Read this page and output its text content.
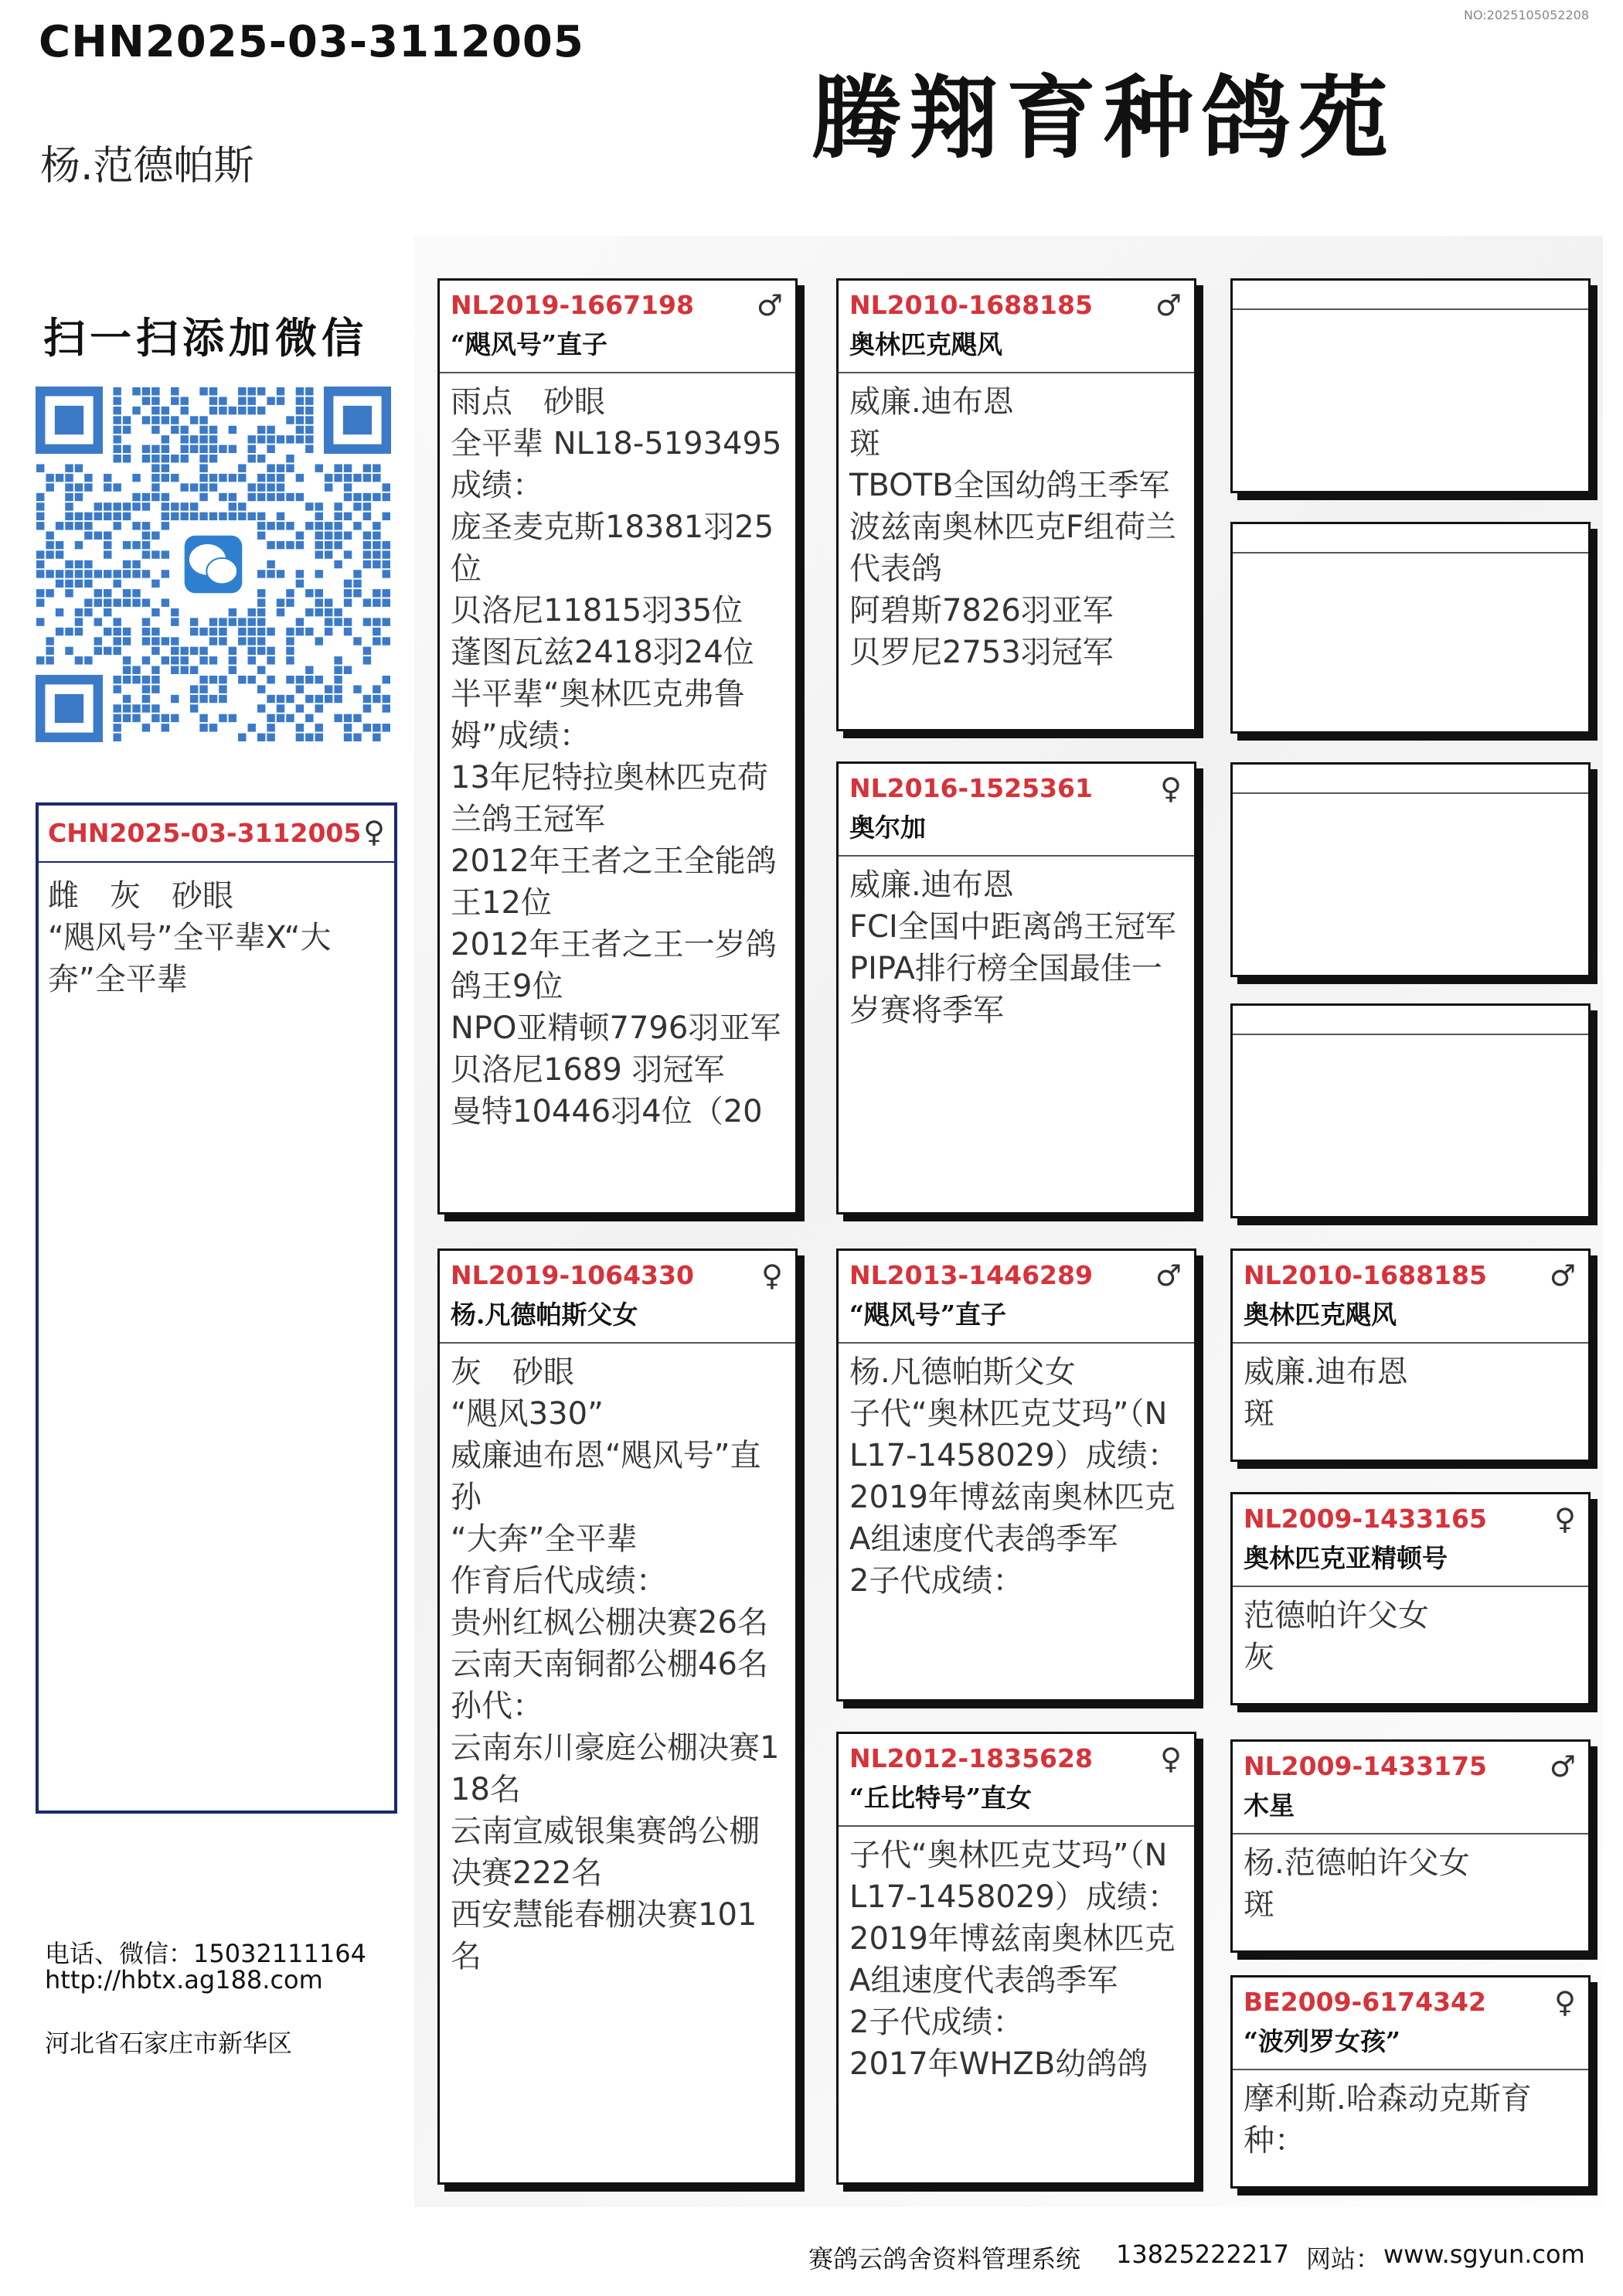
NO:2025105052208
CHN2025-03-3112005
杨.范德帕斯	腾翔育种鸽苑
扫一扫添加微信
CHN2025-03-3112005 ♀
雌　灰　砂眼
“飓风号”全平辈X“大奔”全平辈
电话、微信：15032111164
http://hbtx.ag188.com
河北省石家庄市新华区
NL2019-1667198
“飓风号”直子
♂
雨点　砂眼
全平辈 NL18-5193495 成绩：
庞圣麦克斯18381羽25位
贝洛尼11815羽35位
蓬图瓦兹2418羽24位
半平辈“奥林匹克弗鲁姆”成绩：
13年尼特拉奥林匹克荷兰鸽王冠军
2012年王者之王全能鸽王12位
2012年王者之王一岁鸽鸽王9位
NPO亚精顿7796羽亚军
贝洛尼1689 羽冠军
曼特10446羽4位（20
NL2019-1064330
杨.凡德帕斯父女
♀
灰　砂眼
“飓风330”
威廉迪布恩“飓风号”直孙
“大奔”全平辈
作育后代成绩：
贵州红枫公棚决赛26名
云南天南铜都公棚46名
孙代：
云南东川豪庭公棚决赛118名
云南宣威银集赛鸽公棚决赛222名
西安慧能春棚决赛101名
NL2010-1688185
奥林匹克飓风
♂
威廉.迪布恩
斑
TBOTB全国幼鸽王季军
波兹南奥林匹克F组荷兰代表鸽
阿碧斯7826羽亚军
贝罗尼2753羽冠军
NL2016-1525361
奥尔加
♀
威廉.迪布恩
FCI全国中距离鸽王冠军
PIPA排行榜全国最佳一岁赛将季军
NL2013-1446289
“飓风号”直子
♂
杨.凡德帕斯父女
子代“奥林匹克艾玛”（NL17-1458029）成绩：
2019年博兹南奥林匹克A组速度代表鸽季军
2子代成绩：
NL2012-1835628
“丘比特号”直女
♀
子代“奥林匹克艾玛”（NL17-1458029）成绩：
2019年博兹南奥林匹克A组速度代表鸽季军
2子代成绩：
2017年WHZB幼鸽鸽
NL2010-1688185
奥林匹克飓风
♂
威廉.迪布恩
斑
NL2009-1433165
奥林匹克亚精顿号
♀
范德帕许父女
灰
NL2009-1433175
木星
♂
杨.范德帕许父女
斑
BE2009-6174342
“波列罗女孩”
♀
摩利斯.哈森动克斯育种：
赛鸽云鸽舍资料管理系统 13825222217 网站： www.sgyun.com
